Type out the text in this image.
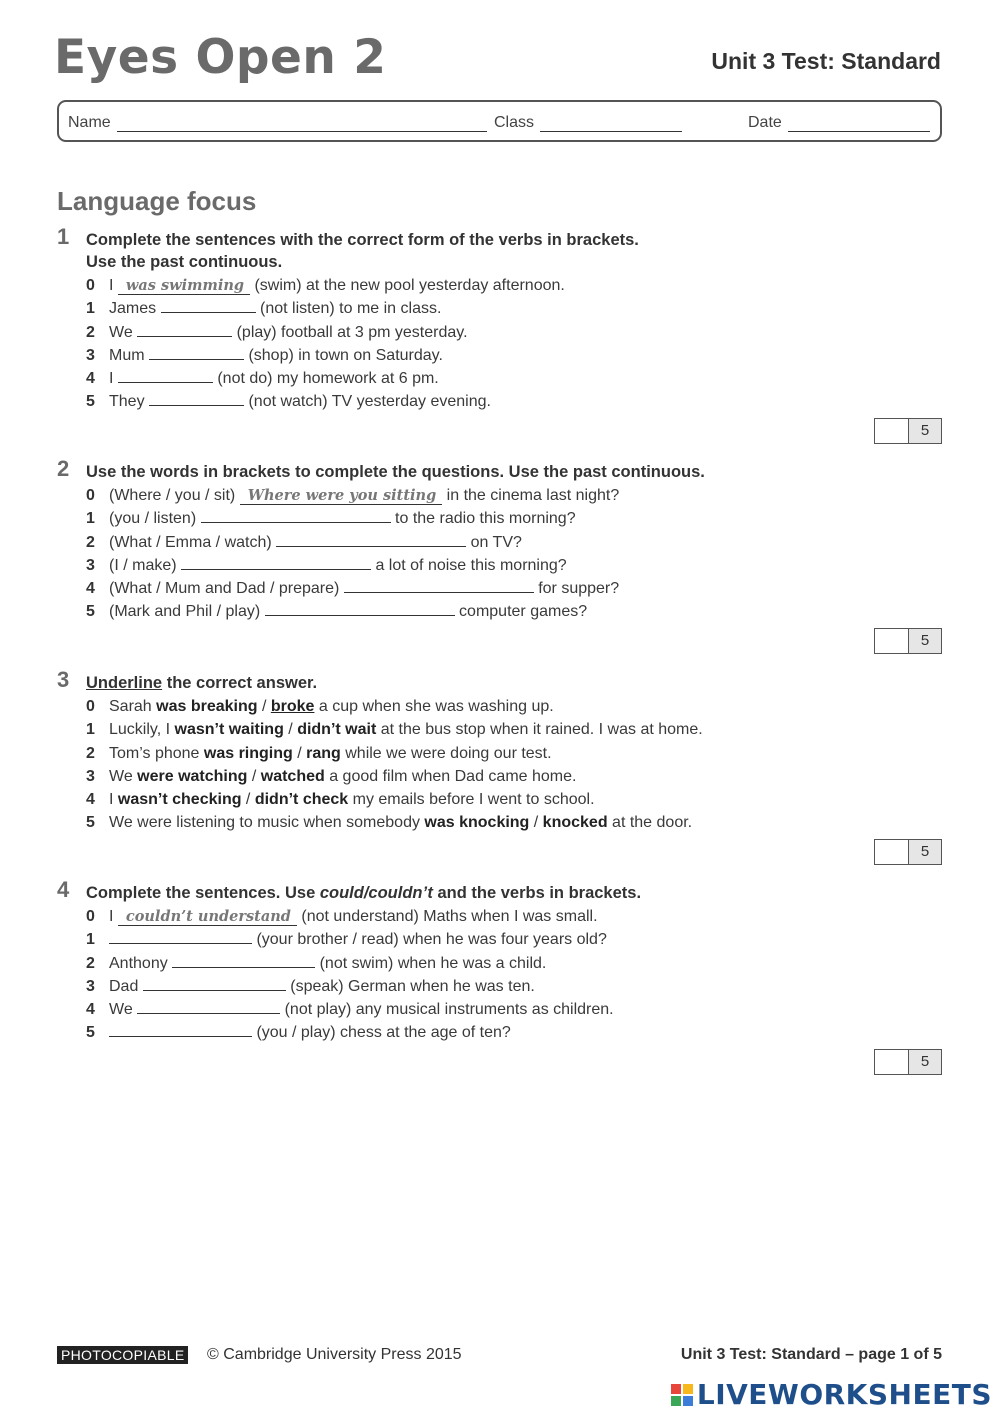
Eyes Open 2	Unit 3 Test: Standard
Name	Class	Date
Language focus
1 Complete the sentences with the correct form of the verbs in brackets.
Use the past continuous.
0 I was swimming (swim) at the new pool yesterday afternoon.
1 James	(not listen) to me in class.
2 We	(play) football at 3 pm yesterday.
3 Mum	(shop) in town on Saturday.
4 I	(not do) my homework at 6 pm.
5 They	(not watch) TV yesterday evening.
5
2 Use the words in brackets to complete the questions. Use the past continuous.
0 (Where / you / sit) Where were you sitting in the cinema last night?
1 (you / listen)	to the radio this morning?
2 (What / Emma / watch)	on TV?
3 (I / make)	a lot of noise this morning?
4 (What / Mum and Dad / prepare)	for supper?
5 (Mark and Phil / play)	computer games?
5
3 Underline the correct answer.
0 Sarah was breaking / broke a cup when she was washing up.
1 Luckily, I wasn’t waiting / didn’t wait at the bus stop when it rained. I was at home.
2 Tom’s phone was ringing / rang while we were doing our test.
3 We were watching / watched a good film when Dad came home.
4 I wasn’t checking / didn’t check my emails before I went to school.
5 We were listening to music when somebody was knocking / knocked at the door.
5
4 Complete the sentences. Use could/couldn’t and the verbs in brackets.
0 I couldn’t understand (not understand) Maths when I was small.
1	(your brother / read) when he was four years old?
2 Anthony	(not swim) when he was a child.
3 Dad	(speak) German when he was ten.
4 We	(not play) any musical instruments as children.
5	(you / play) chess at the age of ten?
5
PHOTOCOPIABLE © Cambridge University Press 2015	Unit 3 Test: Standard – page 1 of 5
LIVEWORKSHEETS
